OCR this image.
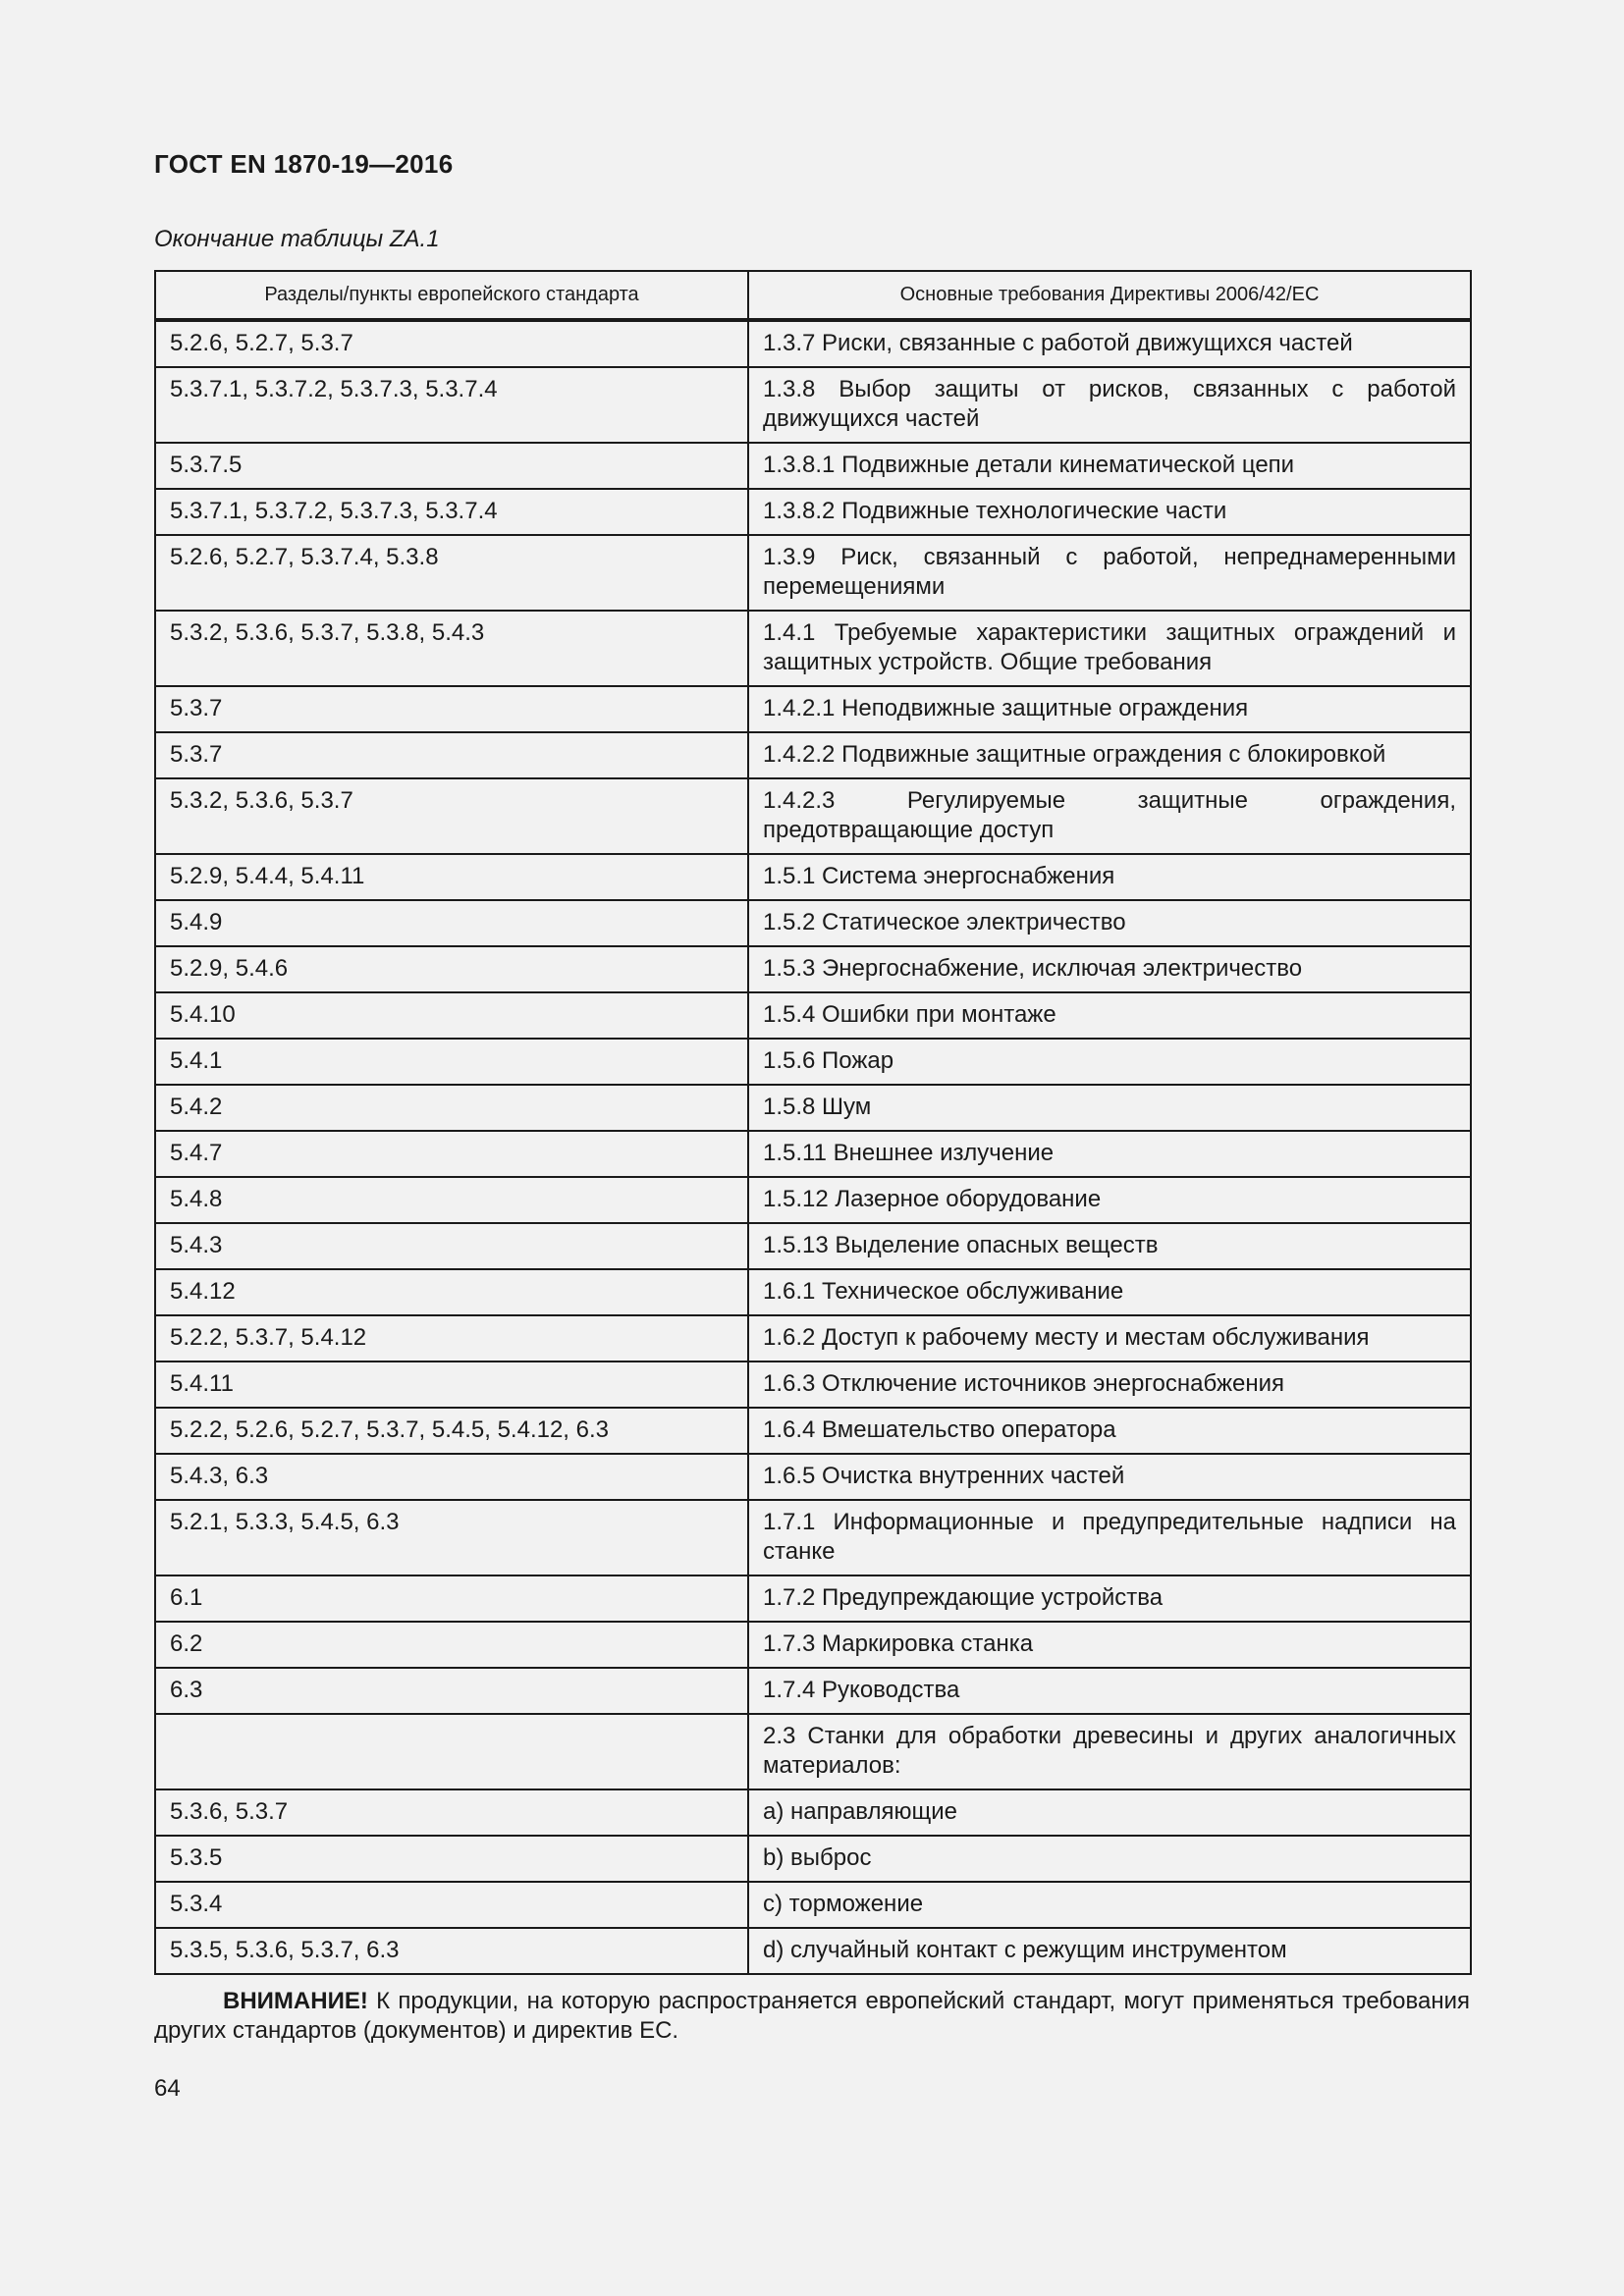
ГОСТ EN 1870-19—2016
Окончание таблицы ZA.1
Разделы/пункты европейского стандарта	Основные требования Директивы 2006/42/ЕС
5.2.6, 5.2.7, 5.3.7	1.3.7 Риски, связанные с работой движущихся частей
5.3.7.1, 5.3.7.2, 5.3.7.3, 5.3.7.4	1.3.8 Выбор защиты от рисков, связанных с работой движущихся частей
5.3.7.5	1.3.8.1 Подвижные детали кинематической цепи
5.3.7.1, 5.3.7.2, 5.3.7.3, 5.3.7.4	1.3.8.2 Подвижные технологические части
5.2.6, 5.2.7, 5.3.7.4, 5.3.8	1.3.9 Риск, связанный с работой, непреднамеренными перемещениями
5.3.2, 5.3.6, 5.3.7, 5.3.8, 5.4.3	1.4.1 Требуемые характеристики защитных ограждений и защитных устройств. Общие требования
5.3.7	1.4.2.1 Неподвижные защитные ограждения
5.3.7	1.4.2.2 Подвижные защитные ограждения с блокировкой
5.3.2, 5.3.6, 5.3.7	1.4.2.3 Регулируемые защитные ограждения, предотвращающие доступ
5.2.9, 5.4.4, 5.4.11	1.5.1 Система энергоснабжения
5.4.9	1.5.2 Статическое электричество
5.2.9, 5.4.6	1.5.3 Энергоснабжение, исключая электричество
5.4.10	1.5.4 Ошибки при монтаже
5.4.1	1.5.6 Пожар
5.4.2	1.5.8 Шум
5.4.7	1.5.11 Внешнее излучение
5.4.8	1.5.12 Лазерное оборудование
5.4.3	1.5.13 Выделение опасных веществ
5.4.12	1.6.1 Техническое обслуживание
5.2.2, 5.3.7, 5.4.12	1.6.2 Доступ к рабочему месту и местам обслуживания
5.4.11	1.6.3 Отключение источников энергоснабжения
5.2.2, 5.2.6, 5.2.7, 5.3.7, 5.4.5, 5.4.12, 6.3	1.6.4 Вмешательство оператора
5.4.3, 6.3	1.6.5 Очистка внутренних частей
5.2.1, 5.3.3, 5.4.5, 6.3	1.7.1 Информационные и предупредительные надписи на станке
6.1	1.7.2 Предупреждающие устройства
6.2	1.7.3 Маркировка станка
6.3	1.7.4 Руководства
	2.3 Станки для обработки древесины и других аналогичных материалов:
5.3.6, 5.3.7	a) направляющие
5.3.5	b) выброс
5.3.4	c) торможение
5.3.5, 5.3.6, 5.3.7, 6.3	d) случайный контакт с режущим инструментом
ВНИМАНИЕ! К продукции, на которую распространяется европейский стандарт, могут применяться требования других стандартов (документов) и директив ЕС.
64
